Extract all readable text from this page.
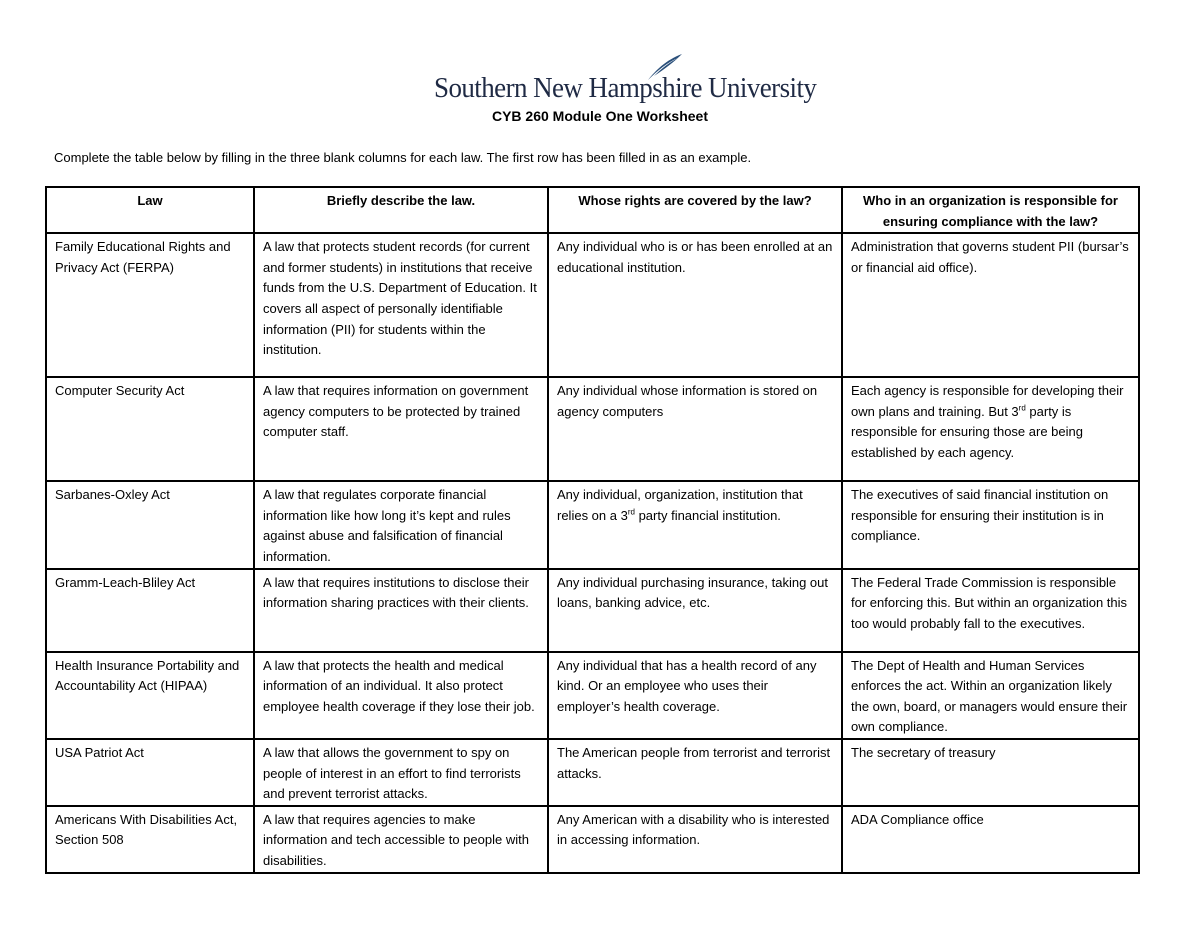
Southern New Hampshire University
CYB 260 Module One Worksheet
Complete the table below by filling in the three blank columns for each law. The first row has been filled in as an example.
Law	Briefly describe the law.	Whose rights are covered by the law?	Who in an organization is responsible for ensuring compliance with the law?
Family Educational Rights and Privacy Act (FERPA)	A law that protects student records (for current and former students) in institutions that receive funds from the U.S. Department of Education. It covers all aspect of personally identifiable information (PII) for students within the institution.	Any individual who is or has been enrolled at an educational institution.	Administration that governs student PII (bursar’s or financial aid office).
Computer Security Act	A law that requires information on government agency computers to be protected by trained computer staff.	Any individual whose information is stored on agency computers	Each agency is responsible for developing their own plans and training. But 3rd party is responsible for ensuring those are being established by each agency.
Sarbanes-Oxley Act	A law that regulates corporate financial information like how long it’s kept and rules against abuse and falsification of financial information.	Any individual, organization, institution that relies on a 3rd party financial institution.	The executives of said financial institution on responsible for ensuring their institution is in compliance.
Gramm-Leach-Bliley Act	A law that requires institutions to disclose their information sharing practices with their clients.	Any individual purchasing insurance, taking out loans, banking advice, etc.	The Federal Trade Commission is responsible for enforcing this. But within an organization this too would probably fall to the executives.
Health Insurance Portability and Accountability Act (HIPAA)	A law that protects the health and medical information of an individual. It also protect employee health coverage if they lose their job.	Any individual that has a health record of any kind. Or an employee who uses their employer’s health coverage.	The Dept of Health and Human Services enforces the act. Within an organization likely the own, board, or managers would ensure their own compliance.
USA Patriot Act	A law that allows the government to spy on people of interest in an effort to find terrorists and prevent terrorist attacks.	The American people from terrorist and terrorist attacks.	The secretary of treasury
Americans With Disabilities Act, Section 508	A law that requires agencies to make information and tech accessible to people with disabilities.	Any American with a disability who is interested in accessing information.	ADA Compliance office
